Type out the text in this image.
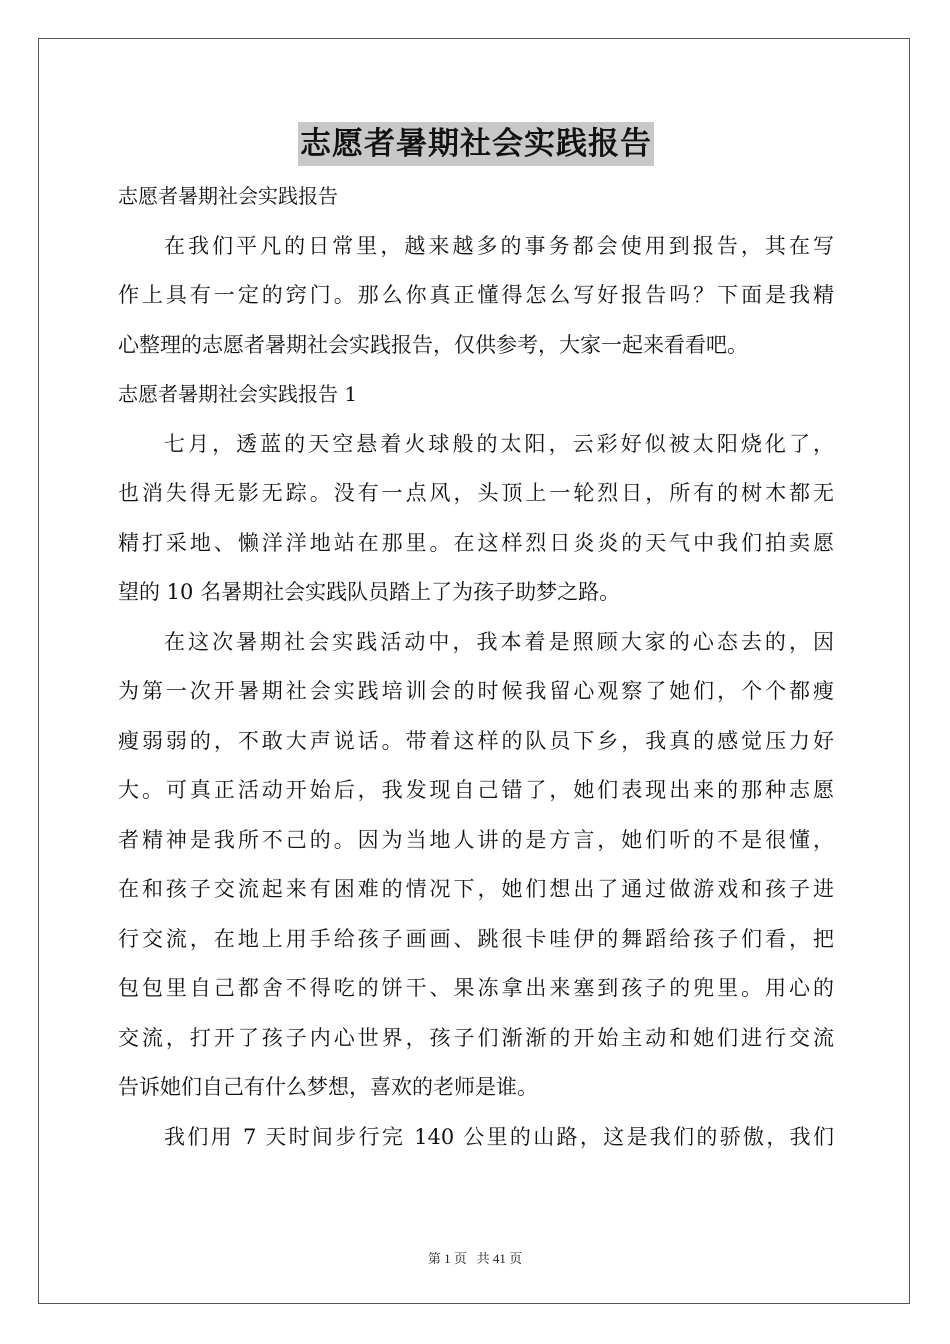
志愿者暑期社会实践报告
志愿者暑期社会实践报告
在我们平凡的日常里，越来越多的事务都会使用到报告，其在写
作上具有一定的窍门。那么你真正懂得怎么写好报告吗？下面是我精
心整理的志愿者暑期社会实践报告，仅供参考，大家一起来看看吧。
志愿者暑期社会实践报告 1
七月，透蓝的天空悬着火球般的太阳，云彩好似被太阳烧化了，
也消失得无影无踪。没有一点风，头顶上一轮烈日，所有的树木都无
精打采地、懒洋洋地站在那里。在这样烈日炎炎的天气中我们拍卖愿
望的 10 名暑期社会实践队员踏上了为孩子助梦之路。
在这次暑期社会实践活动中，我本着是照顾大家的心态去的，因
为第一次开暑期社会实践培训会的时候我留心观察了她们，个个都瘦
瘦弱弱的，不敢大声说话。带着这样的队员下乡，我真的感觉压力好
大。可真正活动开始后，我发现自己错了，她们表现出来的那种志愿
者精神是我所不己的。因为当地人讲的是方言，她们听的不是很懂，
在和孩子交流起来有困难的情况下，她们想出了通过做游戏和孩子进
行交流，在地上用手给孩子画画、跳很卡哇伊的舞蹈给孩子们看，把
包包里自己都舍不得吃的饼干、果冻拿出来塞到孩子的兜里。用心的
交流，打开了孩子内心世界，孩子们渐渐的开始主动和她们进行交流
告诉她们自己有什么梦想，喜欢的老师是谁。
我们用 7 天时间步行完 140 公里的山路，这是我们的骄傲，我们
第 1 页 共 41 页
